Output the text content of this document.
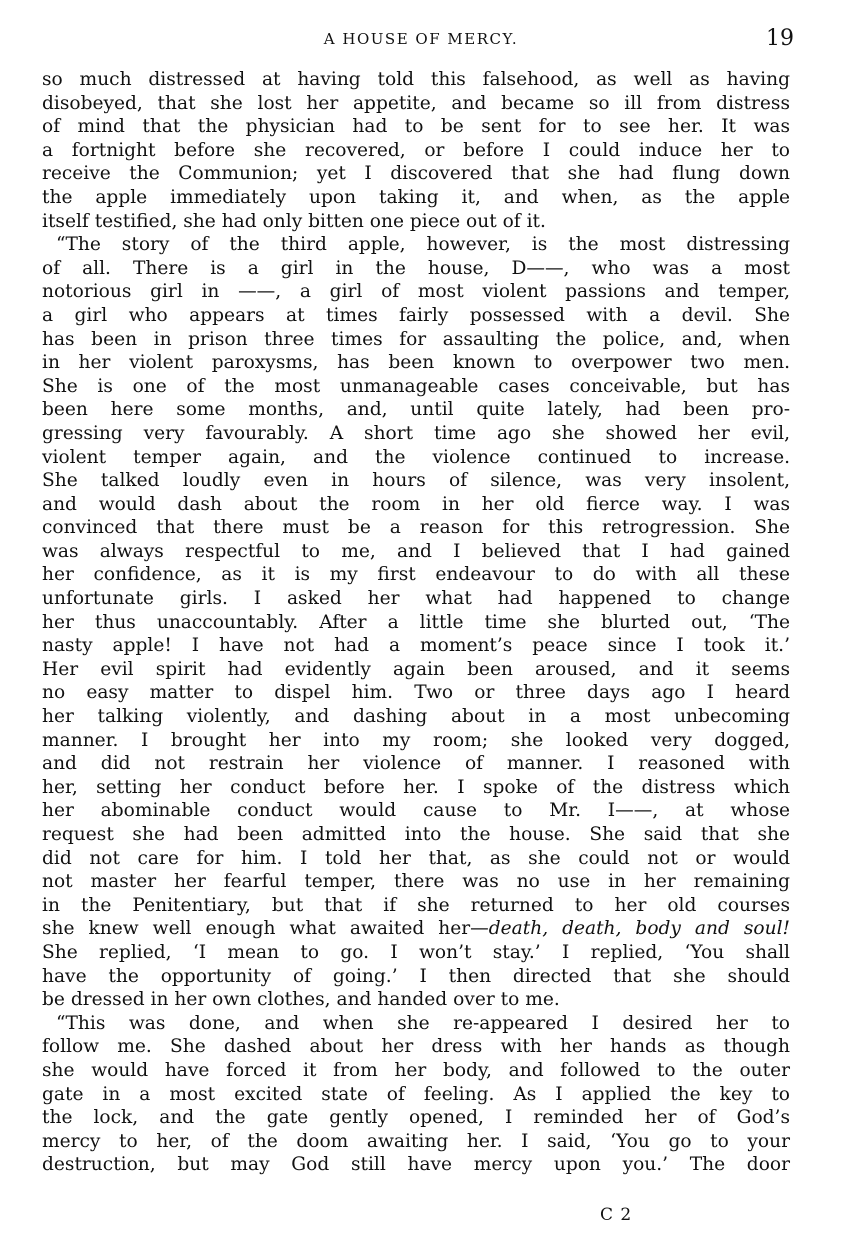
A HOUSE OF MERCY.	19
so much distressed at having told this falsehood, as well as having
disobeyed, that she lost her appetite, and became so ill from distress
of mind that the physician had to be sent for to see her. It was
a fortnight before she recovered, or before I could induce her to
receive the Communion; yet I discovered that she had flung down
the apple immediately upon taking it, and when, as the apple
itself testified, she had only bitten one piece out of it.
“The story of the third apple, however, is the most distressing
of all. There is a girl in the house, D——, who was a most
notorious girl in ——, a girl of most violent passions and temper,
a girl who appears at times fairly possessed with a devil. She
has been in prison three times for assaulting the police, and, when
in her violent paroxysms, has been known to overpower two men.
She is one of the most unmanageable cases conceivable, but has
been here some months, and, until quite lately, had been pro-
gressing very favourably. A short time ago she showed her evil,
violent temper again, and the violence continued to increase.
She talked loudly even in hours of silence, was very insolent,
and would dash about the room in her old fierce way. I was
convinced that there must be a reason for this retrogression. She
was always respectful to me, and I believed that I had gained
her confidence, as it is my first endeavour to do with all these
unfortunate girls. I asked her what had happened to change
her thus unaccountably. After a little time she blurted out, ‘The
nasty apple! I have not had a moment’s peace since I took it.’
Her evil spirit had evidently again been aroused, and it seems
no easy matter to dispel him. Two or three days ago I heard
her talking violently, and dashing about in a most unbecoming
manner. I brought her into my room; she looked very dogged,
and did not restrain her violence of manner. I reasoned with
her, setting her conduct before her. I spoke of the distress which
her abominable conduct would cause to Mr. I——, at whose
request she had been admitted into the house. She said that she
did not care for him. I told her that, as she could not or would
not master her fearful temper, there was no use in her remaining
in the Penitentiary, but that if she returned to her old courses
she knew well enough what awaited her—death, death, body and soul!
She replied, ‘I mean to go. I won’t stay.’ I replied, ‘You shall
have the opportunity of going.’ I then directed that she should
be dressed in her own clothes, and handed over to me.
“This was done, and when she re-appeared I desired her to
follow me. She dashed about her dress with her hands as though
she would have forced it from her body, and followed to the outer
gate in a most excited state of feeling. As I applied the key to
the lock, and the gate gently opened, I reminded her of God’s
mercy to her, of the doom awaiting her. I said, ‘You go to your
destruction, but may God still have mercy upon you.’ The door
C 2
